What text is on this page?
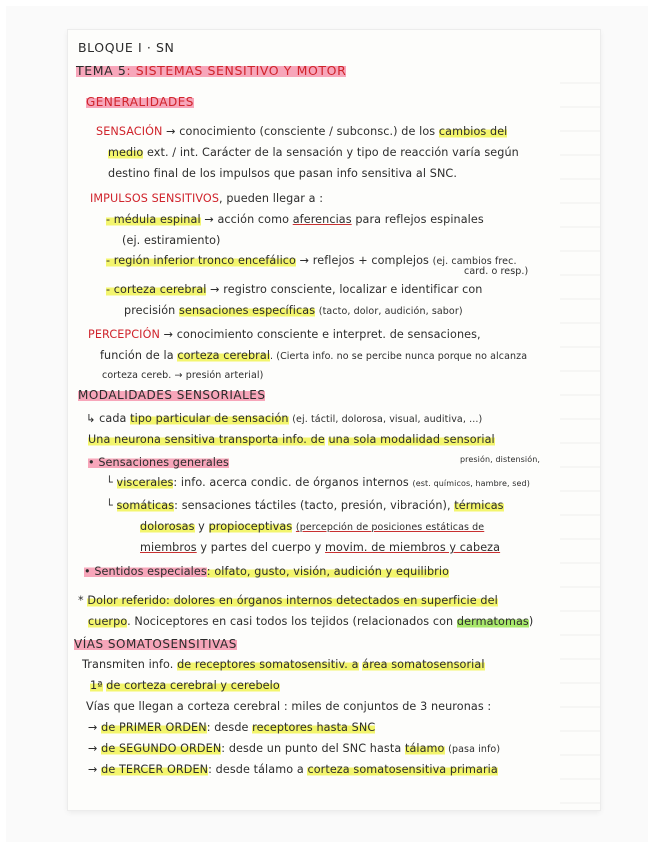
BLOQUE I · SN
TEMA 5: SISTEMAS SENSITIVO Y MOTOR
GENERALIDADES
SENSACIÓN → conocimiento (consciente / subconsc.) de los cambios del
medio ext. / int. Carácter de la sensación y tipo de reacción varía según
destino final de los impulsos que pasan info sensitiva al SNC.
IMPULSOS SENSITIVOS, pueden llegar a :
- médula espinal → acción como aferencias para reflejos espinales
(ej. estiramiento)
- región inferior tronco encefálico → reflejos + complejos (ej. cambios frec.
card. o resp.)
- corteza cerebral → registro consciente, localizar e identificar con
precisión sensaciones específicas (tacto, dolor, audición, sabor)
PERCEPCIÓN → conocimiento consciente e interpret. de sensaciones,
función de la corteza cerebral. (Cierta info. no se percibe nunca porque no alcanza
corteza cereb. → presión arterial)
MODALIDADES SENSORIALES
↳ cada tipo particular de sensación (ej. táctil, dolorosa, visual, auditiva, ...)
Una neurona sensitiva transporta info. de una sola modalidad sensorial
presión, distensión,
• Sensaciones generales
└ viscerales: info. acerca condic. de órganos internos (est. químicos, hambre, sed)
└ somáticas: sensaciones táctiles (tacto, presión, vibración), térmicas
dolorosas y propioceptivas (percepción de posiciones estáticas de
miembros y partes del cuerpo y movim. de miembros y cabeza
• Sentidos especiales: olfato, gusto, visión, audición y equilibrio
* Dolor referido: dolores en órganos internos detectados en superficie del
cuerpo. Nociceptores en casi todos los tejidos (relacionados con dermatomas)
VÍAS SOMATOSENSITIVAS
Transmiten info. de receptores somatosensitiv. a área somatosensorial
1ª de corteza cerebral y cerebelo
Vías que llegan a corteza cerebral : miles de conjuntos de 3 neuronas :
→ de PRIMER ORDEN: desde receptores hasta SNC
→ de SEGUNDO ORDEN: desde un punto del SNC hasta tálamo (pasa info)
→ de TERCER ORDEN: desde tálamo a corteza somatosensitiva primaria
